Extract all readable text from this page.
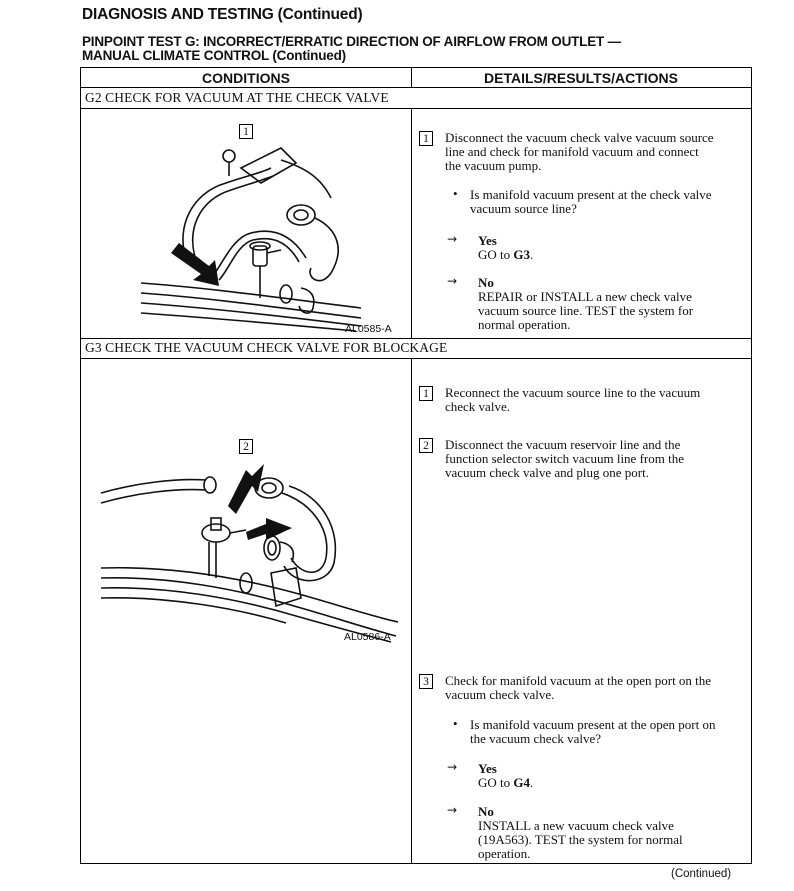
DIAGNOSIS AND TESTING (Continued)
PINPOINT TEST G: INCORRECT/ERRATIC DIRECTION OF AIRFLOW FROM OUTLET —
MANUAL CLIMATE CONTROL (Continued)
CONDITIONS	DETAILS/RESULTS/ACTIONS
G2 CHECK FOR VACUUM AT THE CHECK VALVE
1
AL0585-A
1	Disconnect the vacuum check valve vacuum source
line and check for manifold vacuum and connect
the vacuum pump.
• Is manifold vacuum present at the check valve
vacuum source line?
→ Yes
GO to G3.
→ No
REPAIR or INSTALL a new check valve
vacuum source line. TEST the system for
normal operation.
G3 CHECK THE VACUUM CHECK VALVE FOR BLOCKAGE
2
AL0586-A
1	Reconnect the vacuum source line to the vacuum
check valve.
2	Disconnect the vacuum reservoir line and the
function selector switch vacuum line from the
vacuum check valve and plug one port.
3	Check for manifold vacuum at the open port on the
vacuum check valve.
• Is manifold vacuum present at the open port on
the vacuum check valve?
→ Yes
GO to G4.
→ No
INSTALL a new vacuum check valve
(19A563). TEST the system for normal
operation.
(Continued)
